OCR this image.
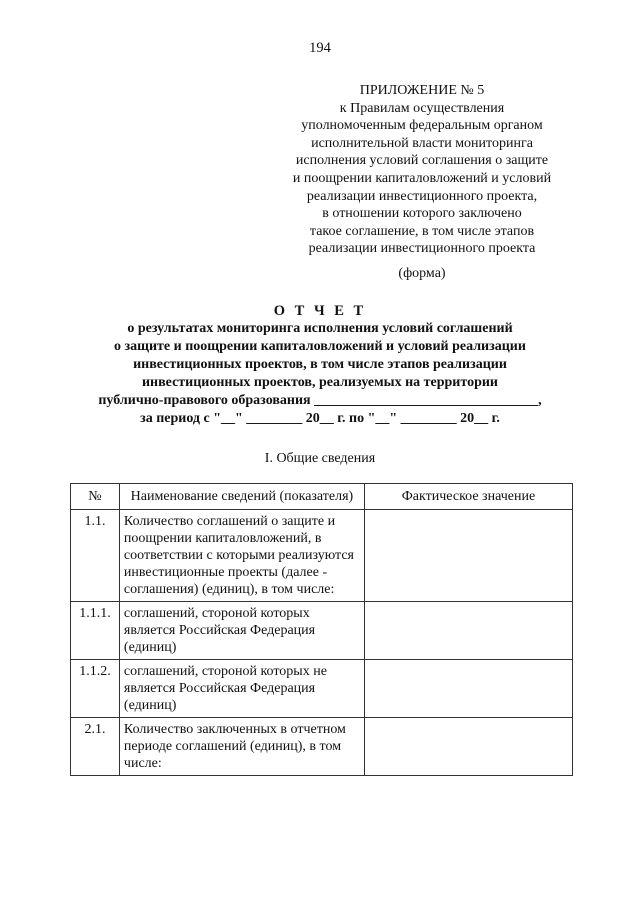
194
ПРИЛОЖЕНИЕ № 5
к Правилам осуществления
уполномоченным федеральным органом
исполнительной власти мониторинга
исполнения условий соглашения о защите
и поощрении капиталовложений и условий
реализации инвестиционного проекта,
в отношении которого заключено
такое соглашение, в том числе этапов
реализации инвестиционного проекта
(форма)
О Т Ч Е Т
о результатах мониторинга исполнения условий соглашений
о защите и поощрении капиталовложений и условий реализации
инвестиционных проектов, в том числе этапов реализации
инвестиционных проектов, реализуемых на территории
публично-правового образования ________________________________,
за период с "__" ________ 20__ г. по "__" ________ 20__ г.
I. Общие сведения
№	Наименование сведений (показателя)	Фактическое значение
1.1.	Количество соглашений о защите и поощрении капиталовложений, в соответствии с которыми реализуются инвестиционные проекты (далее - соглашения) (единиц), в том числе:	
1.1.1.	соглашений, стороной которых является Российская Федерация (единиц)	
1.1.2.	соглашений, стороной которых не является Российская Федерация (единиц)	
2.1.	Количество заключенных в отчетном периоде соглашений (единиц), в том числе:	
